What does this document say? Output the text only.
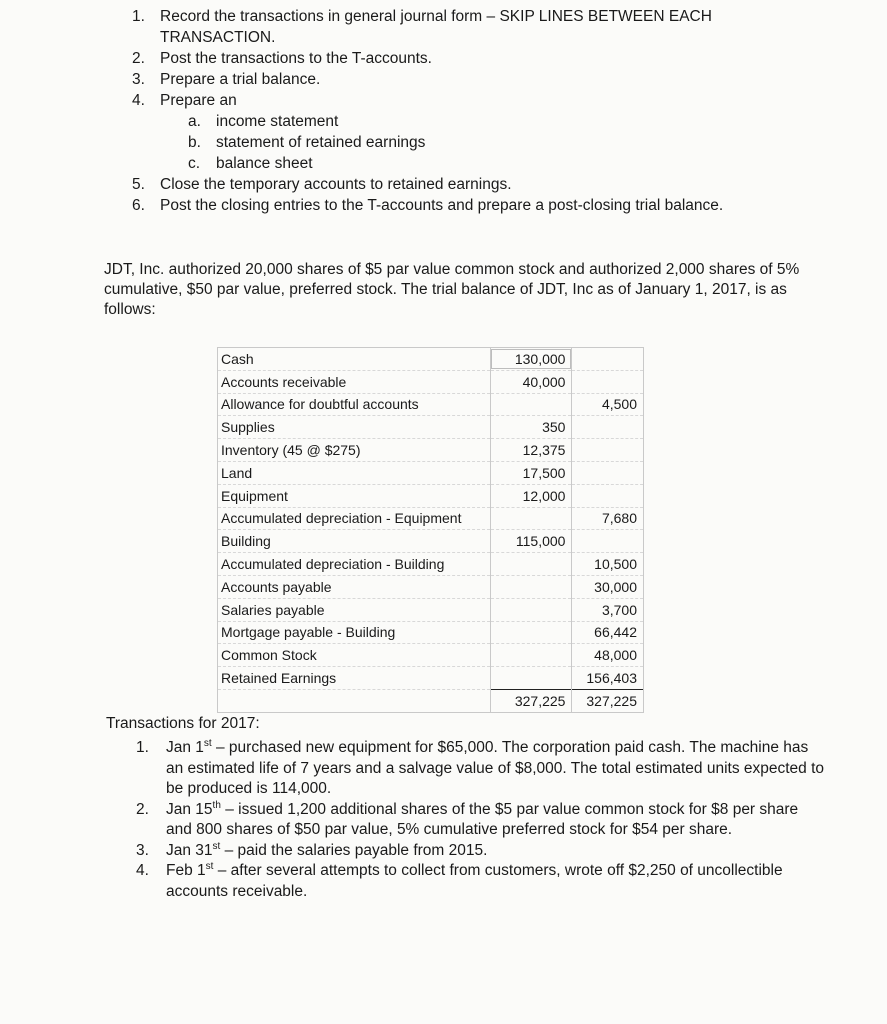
1. Record the transactions in general journal form – SKIP LINES BETWEEN EACH TRANSACTION.
2. Post the transactions to the T-accounts.
3. Prepare a trial balance.
4. Prepare an
a. income statement
b. statement of retained earnings
c. balance sheet
5. Close the temporary accounts to retained earnings.
6. Post the closing entries to the T-accounts and prepare a post-closing trial balance.

JDT, Inc. authorized 20,000 shares of $5 par value common stock and authorized 2,000 shares of 5% cumulative, $50 par value, preferred stock. The trial balance of JDT, Inc as of January 1, 2017, is as follows:

Cash	130,000	
Accounts receivable	40,000	
Allowance for doubtful accounts		4,500
Supplies	350	
Inventory (45 @ $275)	12,375	
Land	17,500	
Equipment	12,000	
Accumulated depreciation - Equipment		7,680
Building	115,000	
Accumulated depreciation - Building		10,500
Accounts payable		30,000
Salaries payable		3,700
Mortgage payable - Building		66,442
Common Stock		48,000
Retained Earnings		156,403
	327,225	327,225

Transactions for 2017:

1. Jan 1st – purchased new equipment for $65,000. The corporation paid cash. The machine has an estimated life of 7 years and a salvage value of $8,000. The total estimated units expected to be produced is 114,000.
2. Jan 15th – issued 1,200 additional shares of the $5 par value common stock for $8 per share and 800 shares of $50 par value, 5% cumulative preferred stock for $54 per share.
3. Jan 31st – paid the salaries payable from 2015.
4. Feb 1st – after several attempts to collect from customers, wrote off $2,250 of uncollectible accounts receivable.
